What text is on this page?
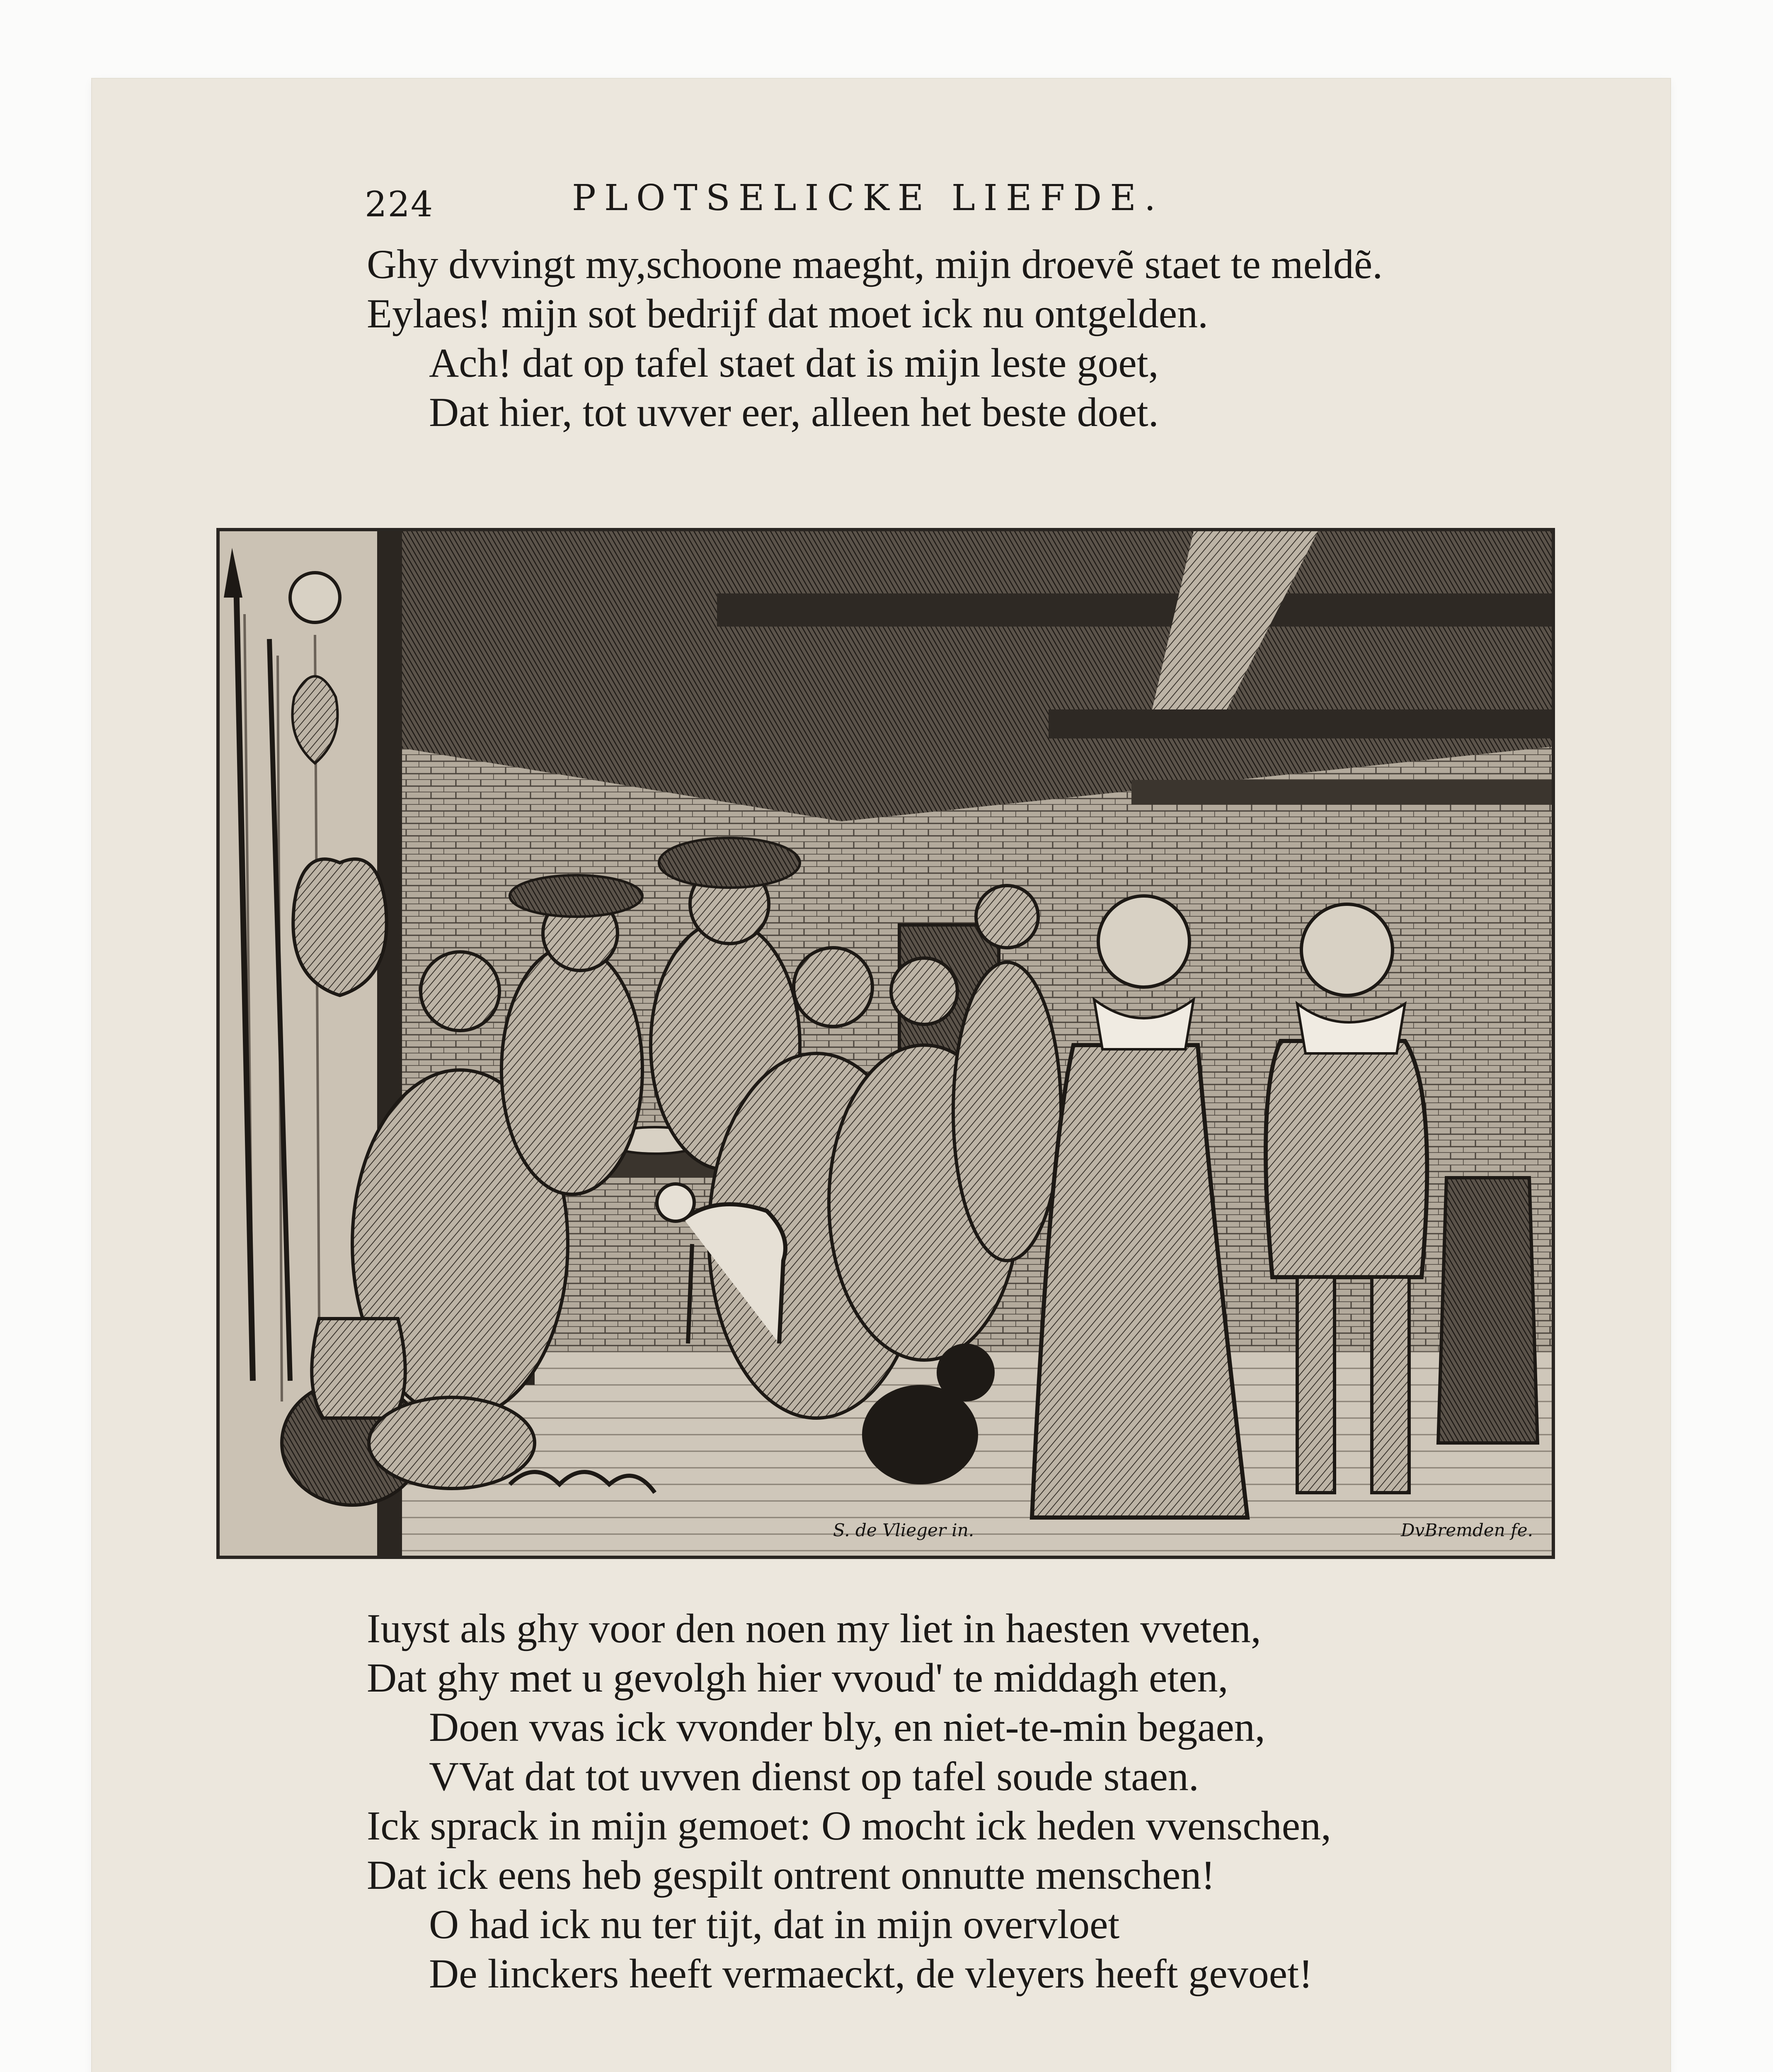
224	PLOTSELICKE LIEFDE.
Ghy dvvingt my,schoone maeght, mijn droevẽ staet te meldẽ.
Eylaes! mijn sot bedrijf dat moet ick nu ontgelden.
Ach! dat op tafel staet dat is mijn leste goet,
Dat hier, tot uvver eer, alleen het beste doet.
S. de Vlieger in.	DvBremden fe.
Iuyst als ghy voor den noen my liet in haesten vveten,
Dat ghy met u gevolgh hier vvoud' te middagh eten,
Doen vvas ick vvonder bly, en niet-te-min begaen,
VVat dat tot uvven dienst op tafel soude staen.
Ick sprack in mijn gemoet: O mocht ick heden vvenschen,
Dat ick eens heb gespilt ontrent onnutte menschen!
O had ick nu ter tijt, dat in mijn overvloet
De linckers heeft vermaeckt, de vleyers heeft gevoet!
